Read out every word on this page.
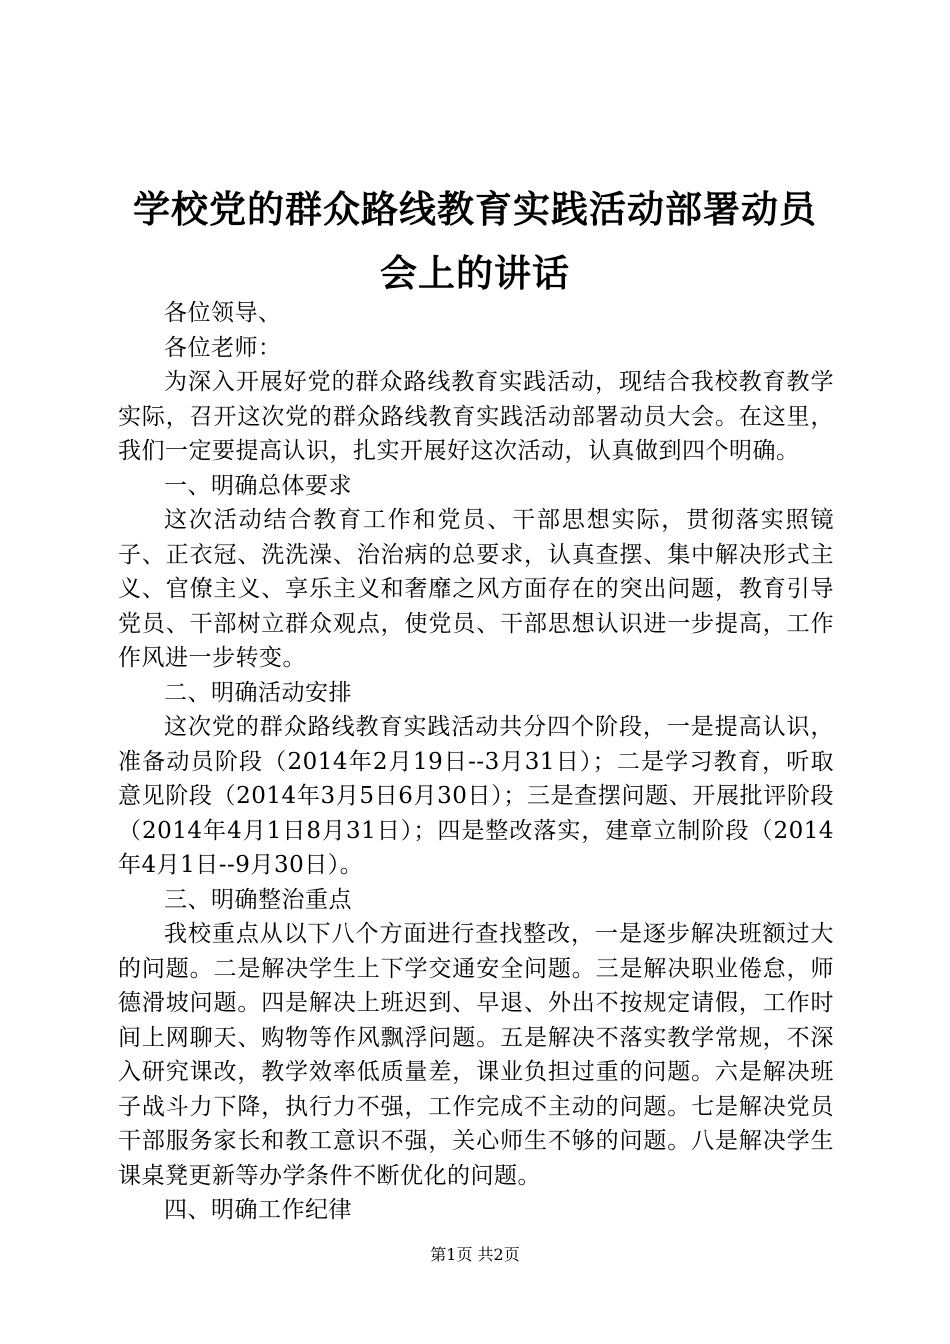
学校党的群众路线教育实践活动部署动员会上的讲话

各位领导、

各位老师：

为深入开展好党的群众路线教育实践活动，现结合我校教育教学实际，召开这次党的群众路线教育实践活动部署动员大会。在这里，我们一定要提高认识，扎实开展好这次活动，认真做到四个明确。

一、明确总体要求

这次活动结合教育工作和党员、干部思想实际，贯彻落实照镜子、正衣冠、洗洗澡、治治病的总要求，认真查摆、集中解决形式主义、官僚主义、享乐主义和奢靡之风方面存在的突出问题，教育引导党员、干部树立群众观点，使党员、干部思想认识进一步提高，工作作风进一步转变。

二、明确活动安排

这次党的群众路线教育实践活动共分四个阶段，一是提高认识，准备动员阶段（2014年2月19日--3月31日）；二是学习教育，听取意见阶段（2014年3月5日6月30日）；三是查摆问题、开展批评阶段（2014年4月1日8月31日）；四是整改落实，建章立制阶段（2014年4月1日--9月30日）。

三、明确整治重点

我校重点从以下八个方面进行查找整改，一是逐步解决班额过大的问题。二是解决学生上下学交通安全问题。三是解决职业倦怠，师德滑坡问题。四是解决上班迟到、早退、外出不按规定请假，工作时间上网聊天、购物等作风飘浮问题。五是解决不落实教学常规，不深入研究课改，教学效率低质量差，课业负担过重的问题。六是解决班子战斗力下降，执行力不强，工作完成不主动的问题。七是解决党员干部服务家长和教工意识不强，关心师生不够的问题。八是解决学生课桌凳更新等办学条件不断优化的问题。

四、明确工作纪律

第1页 共2页
